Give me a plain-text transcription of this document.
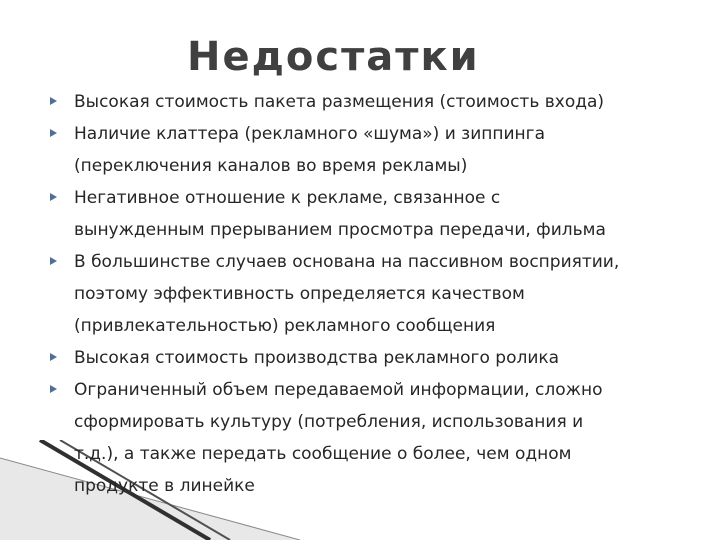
Недостатки
Высокая стоимость пакета размещения (стоимость входа)
Наличие клаттера (рекламного «шума») и зиппинга
(переключения каналов во время рекламы)
Негативное отношение к рекламе, связанное с
вынужденным прерыванием просмотра передачи, фильма
В большинстве случаев основана на пассивном восприятии,
поэтому эффективность определяется качеством
(привлекательностью) рекламного сообщения
Высокая стоимость производства рекламного ролика
Ограниченный объем передаваемой информации, сложно
сформировать культуру (потребления, использования и
т.д.), а также передать сообщение о более, чем одном
продукте в линейке
